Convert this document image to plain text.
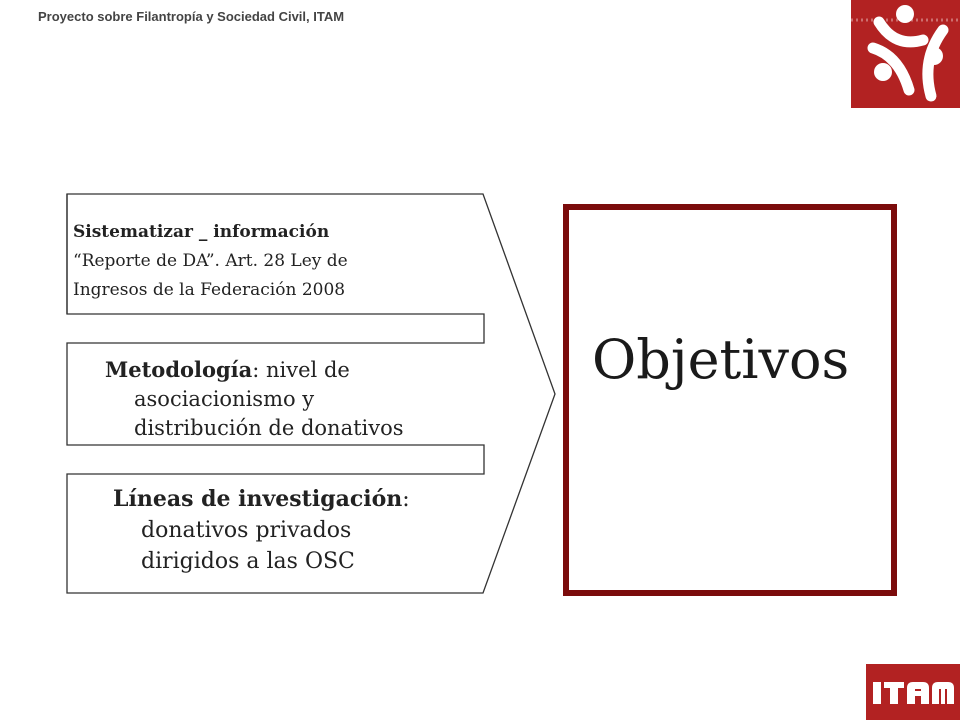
Proyecto sobre Filantropía y Sociedad Civil, ITAM
Sistematizar _ información
“Reporte de DA”. Art. 28 Ley de
Ingresos de la Federación 2008
Metodología: nivel de
asociacionismo y
distribución de donativos
Líneas de investigación:
donativos privados
dirigidos a las OSC
Objetivos
